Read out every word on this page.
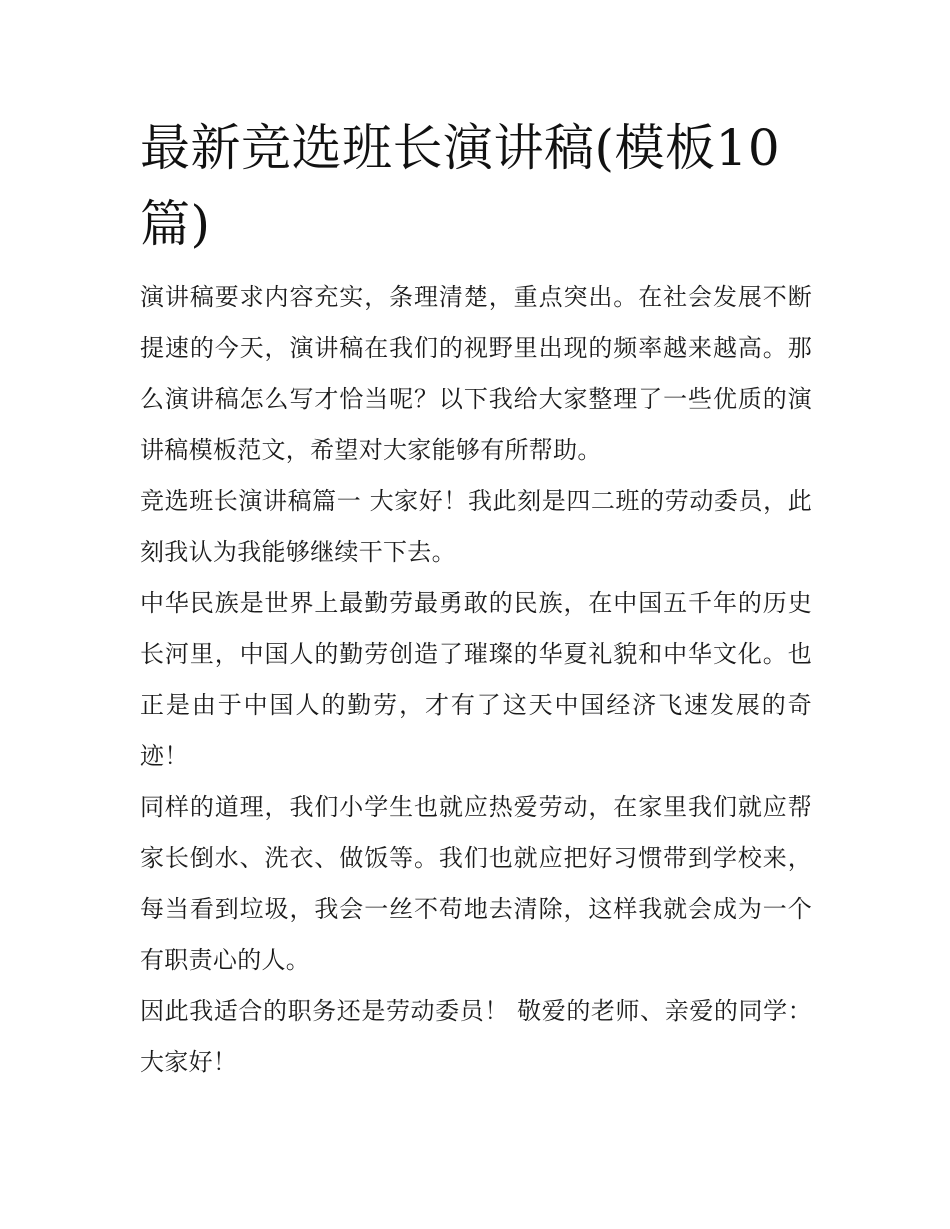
最新竞选班长演讲稿(模板10篇)

演讲稿要求内容充实，条理清楚，重点突出。在社会发展不断提速的今天，演讲稿在我们的视野里出现的频率越来越高。那么演讲稿怎么写才恰当呢？以下我给大家整理了一些优质的演讲稿模板范文，希望对大家能够有所帮助。

竞选班长演讲稿篇一 大家好！我此刻是四二班的劳动委员，此刻我认为我能够继续干下去。

中华民族是世界上最勤劳最勇敢的民族，在中国五千年的历史长河里，中国人的勤劳创造了璀璨的华夏礼貌和中华文化。也正是由于中国人的勤劳，才有了这天中国经济飞速发展的奇迹！

同样的道理，我们小学生也就应热爱劳动，在家里我们就应帮家长倒水、洗衣、做饭等。我们也就应把好习惯带到学校来，每当看到垃圾，我会一丝不苟地去清除，这样我就会成为一个有职责心的人。

因此我适合的职务还是劳动委员！ 敬爱的老师、亲爱的同学：大家好！
